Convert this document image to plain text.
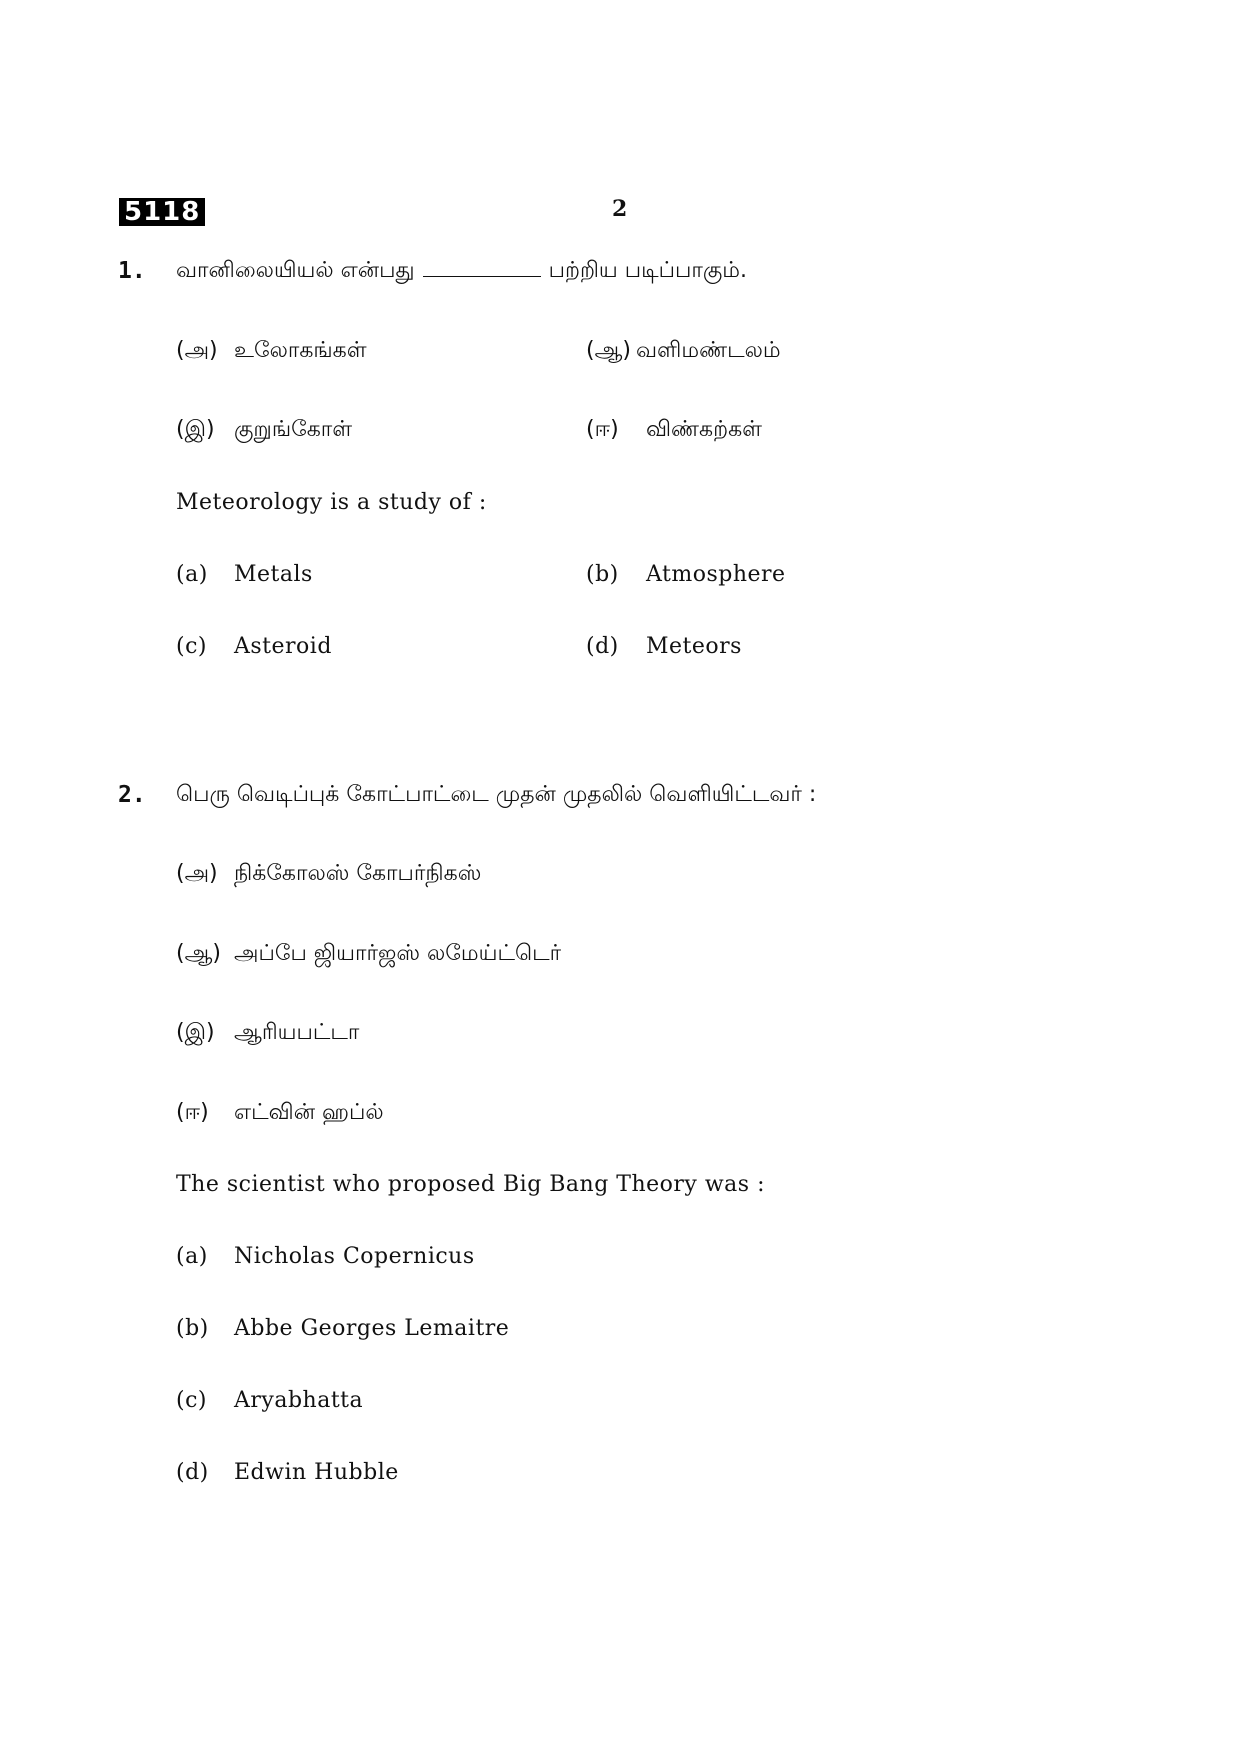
5118	2
1. வானிலையியல் என்பது	பற்றிய படிப்பாகும்.
(அ) உலோகங்கள்	(ஆ) வளிமண்டலம்
(இ) குறுங்கோள்	(ஈ) விண்கற்கள்
Meteorology is a study of :
(a) Metals	(b) Atmosphere
(c) Asteroid	(d) Meteors
2. பெரு வெடிப்புக் கோட்பாட்டை முதன் முதலில் வெளியிட்டவர் :
(அ) நிக்கோலஸ் கோபர்நிகஸ்
(ஆ) அப்பே ஜியார்ஜஸ் லமேய்ட்டெர்
(இ) ஆரியபட்டா
(ஈ) எட்வின் ஹப்ல்
The scientist who proposed Big Bang Theory was :
(a) Nicholas Copernicus
(b) Abbe Georges Lemaitre
(c) Aryabhatta
(d) Edwin Hubble
